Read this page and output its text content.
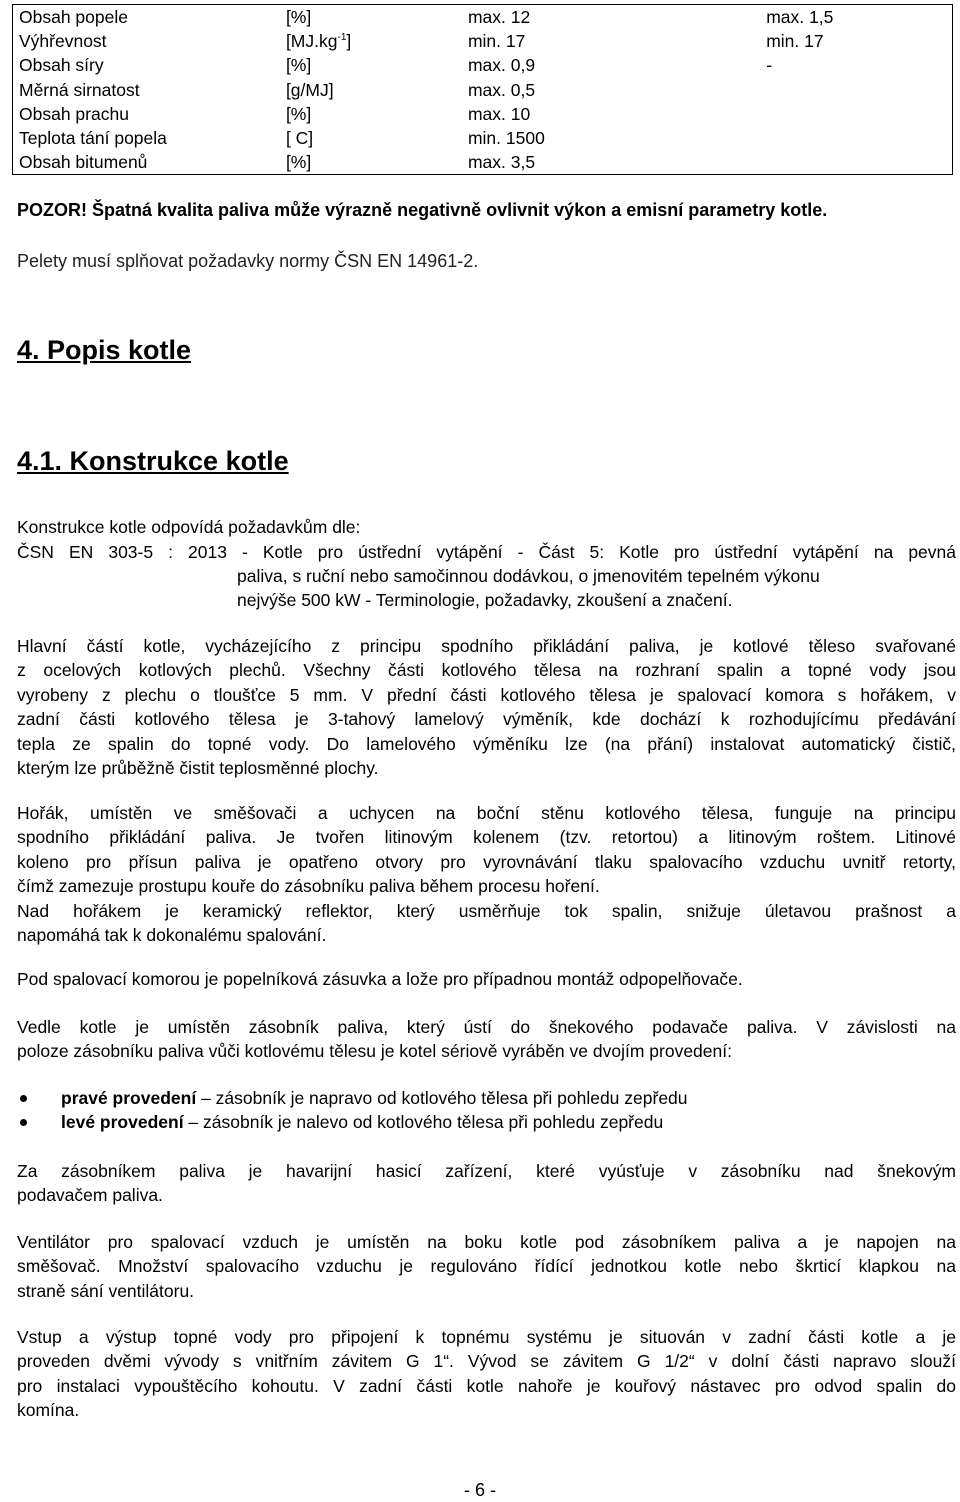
Obsah popele	[%]	max. 12	max. 1,5
Výhřevnost	$[MJ.kg^{-1}]$	min. 17	min. 17
Obsah síry	[%]	max. 0,9	-
Měrná sirnatost	[g/MJ]	max. 0,5	
Obsah prachu	[%]	max. 10	
Teplota tání popela	[ C]	min. 1500	
Obsah bitumenů	[%]	max. 3,5	
POZOR! Špatná kvalita paliva může výrazně negativně ovlivnit výkon a emisní parametry kotle.
Pelety musí splňovat požadavky normy ČSN EN 14961-2.
4. Popis kotle
4.1. Konstrukce kotle
Konstrukce kotle odpovídá požadavkům dle:
ČSN EN 303-5 : 2013 - Kotle pro ústřední vytápění - Část 5: Kotle pro ústřední vytápění na pevná
paliva, s ruční nebo samočinnou dodávkou, o jmenovitém tepelném výkonu
nejvýše 500 kW - Terminologie, požadavky, zkoušení a značení.
Hlavní částí kotle, vycházejícího z principu spodního přikládání paliva, je kotlové těleso svařované
z ocelových kotlových plechů. Všechny části kotlového tělesa na rozhraní spalin a topné vody jsou
vyrobeny z plechu o tloušťce 5 mm. V přední části kotlového tělesa je spalovací komora s hořákem, v
zadní části kotlového tělesa je 3-tahový lamelový výměník, kde dochází k rozhodujícímu předávání
tepla ze spalin do topné vody. Do lamelového výměníku lze (na přání) instalovat automatický čistič,
kterým lze průběžně čistit teplosměnné plochy.
Hořák, umístěn ve směšovači a uchycen na boční stěnu kotlového tělesa, funguje na principu
spodního přikládání paliva. Je tvořen litinovým kolenem (tzv. retortou) a litinovým roštem. Litinové
koleno pro přísun paliva je opatřeno otvory pro vyrovnávání tlaku spalovacího vzduchu uvnitř retorty,
čímž zamezuje prostupu kouře do zásobníku paliva během procesu hoření.
Nad hořákem je keramický reflektor, který usměrňuje tok spalin, snižuje úletavou prašnost a
napomáhá tak k dokonalému spalování.
Pod spalovací komorou je popelníková zásuvka a lože pro případnou montáž odpopelňovače.
Vedle kotle je umístěn zásobník paliva, který ústí do šnekového podavače paliva. V závislosti na
poloze zásobníku paliva vůči kotlovému tělesu je kotel sériově vyráběn ve dvojím provedení:
pravé provedení – zásobník je napravo od kotlového tělesa při pohledu zepředu
levé provedení – zásobník je nalevo od kotlového tělesa při pohledu zepředu
Za zásobníkem paliva je havarijní hasicí zařízení, které vyúsťuje v zásobníku nad šnekovým
podavačem paliva.
Ventilátor pro spalovací vzduch je umístěn na boku kotle pod zásobníkem paliva a je napojen na
směšovač. Množství spalovacího vzduchu je regulováno řídící jednotkou kotle nebo škrticí klapkou na
straně sání ventilátoru.
Vstup a výstup topné vody pro připojení k topnému systému je situován v zadní části kotle a je
proveden dvěmi vývody s vnitřním závitem G 1“. Vývod se závitem G 1/2“ v dolní části napravo slouží
pro instalaci vypouštěcího kohoutu. V zadní části kotle nahoře je kouřový nástavec pro odvod spalin do
komína.
- 6 -
